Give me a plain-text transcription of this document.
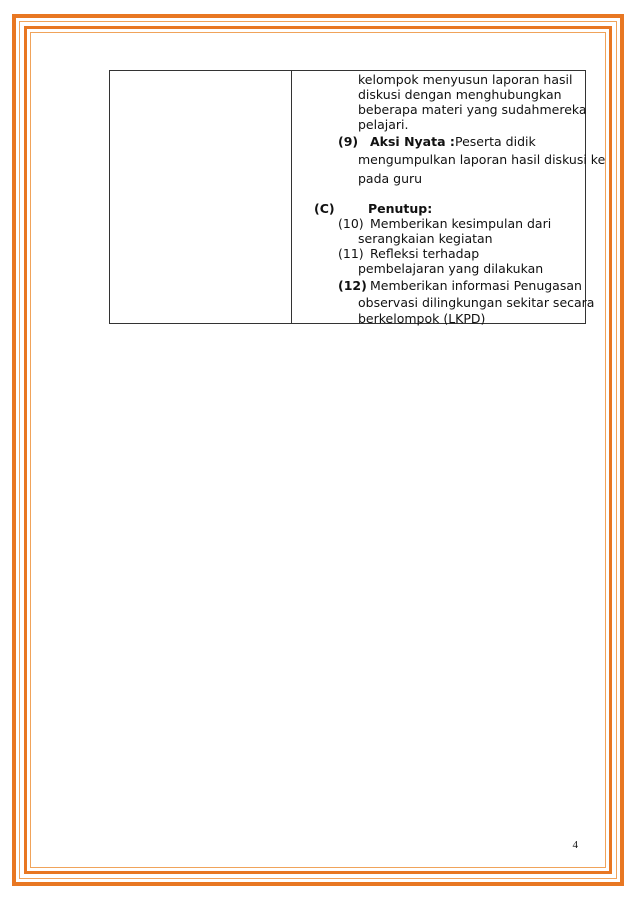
kelompok menyusun laporan hasil
diskusi dengan menghubungkan
beberapa materi yang sudahmereka
pelajari.
(9) Aksi Nyata : Peserta didik
mengumpulkan laporan hasil diskusi ke
pada guru
(C)	Penutup:
(10) Memberikan kesimpulan dari
serangkaian kegiatan
(11) Refleksi terhadap
pembelajaran yang dilakukan
(12) Memberikan informasi Penugasan
observasi dilingkungan sekitar secara
berkelompok (LKPD)
4
